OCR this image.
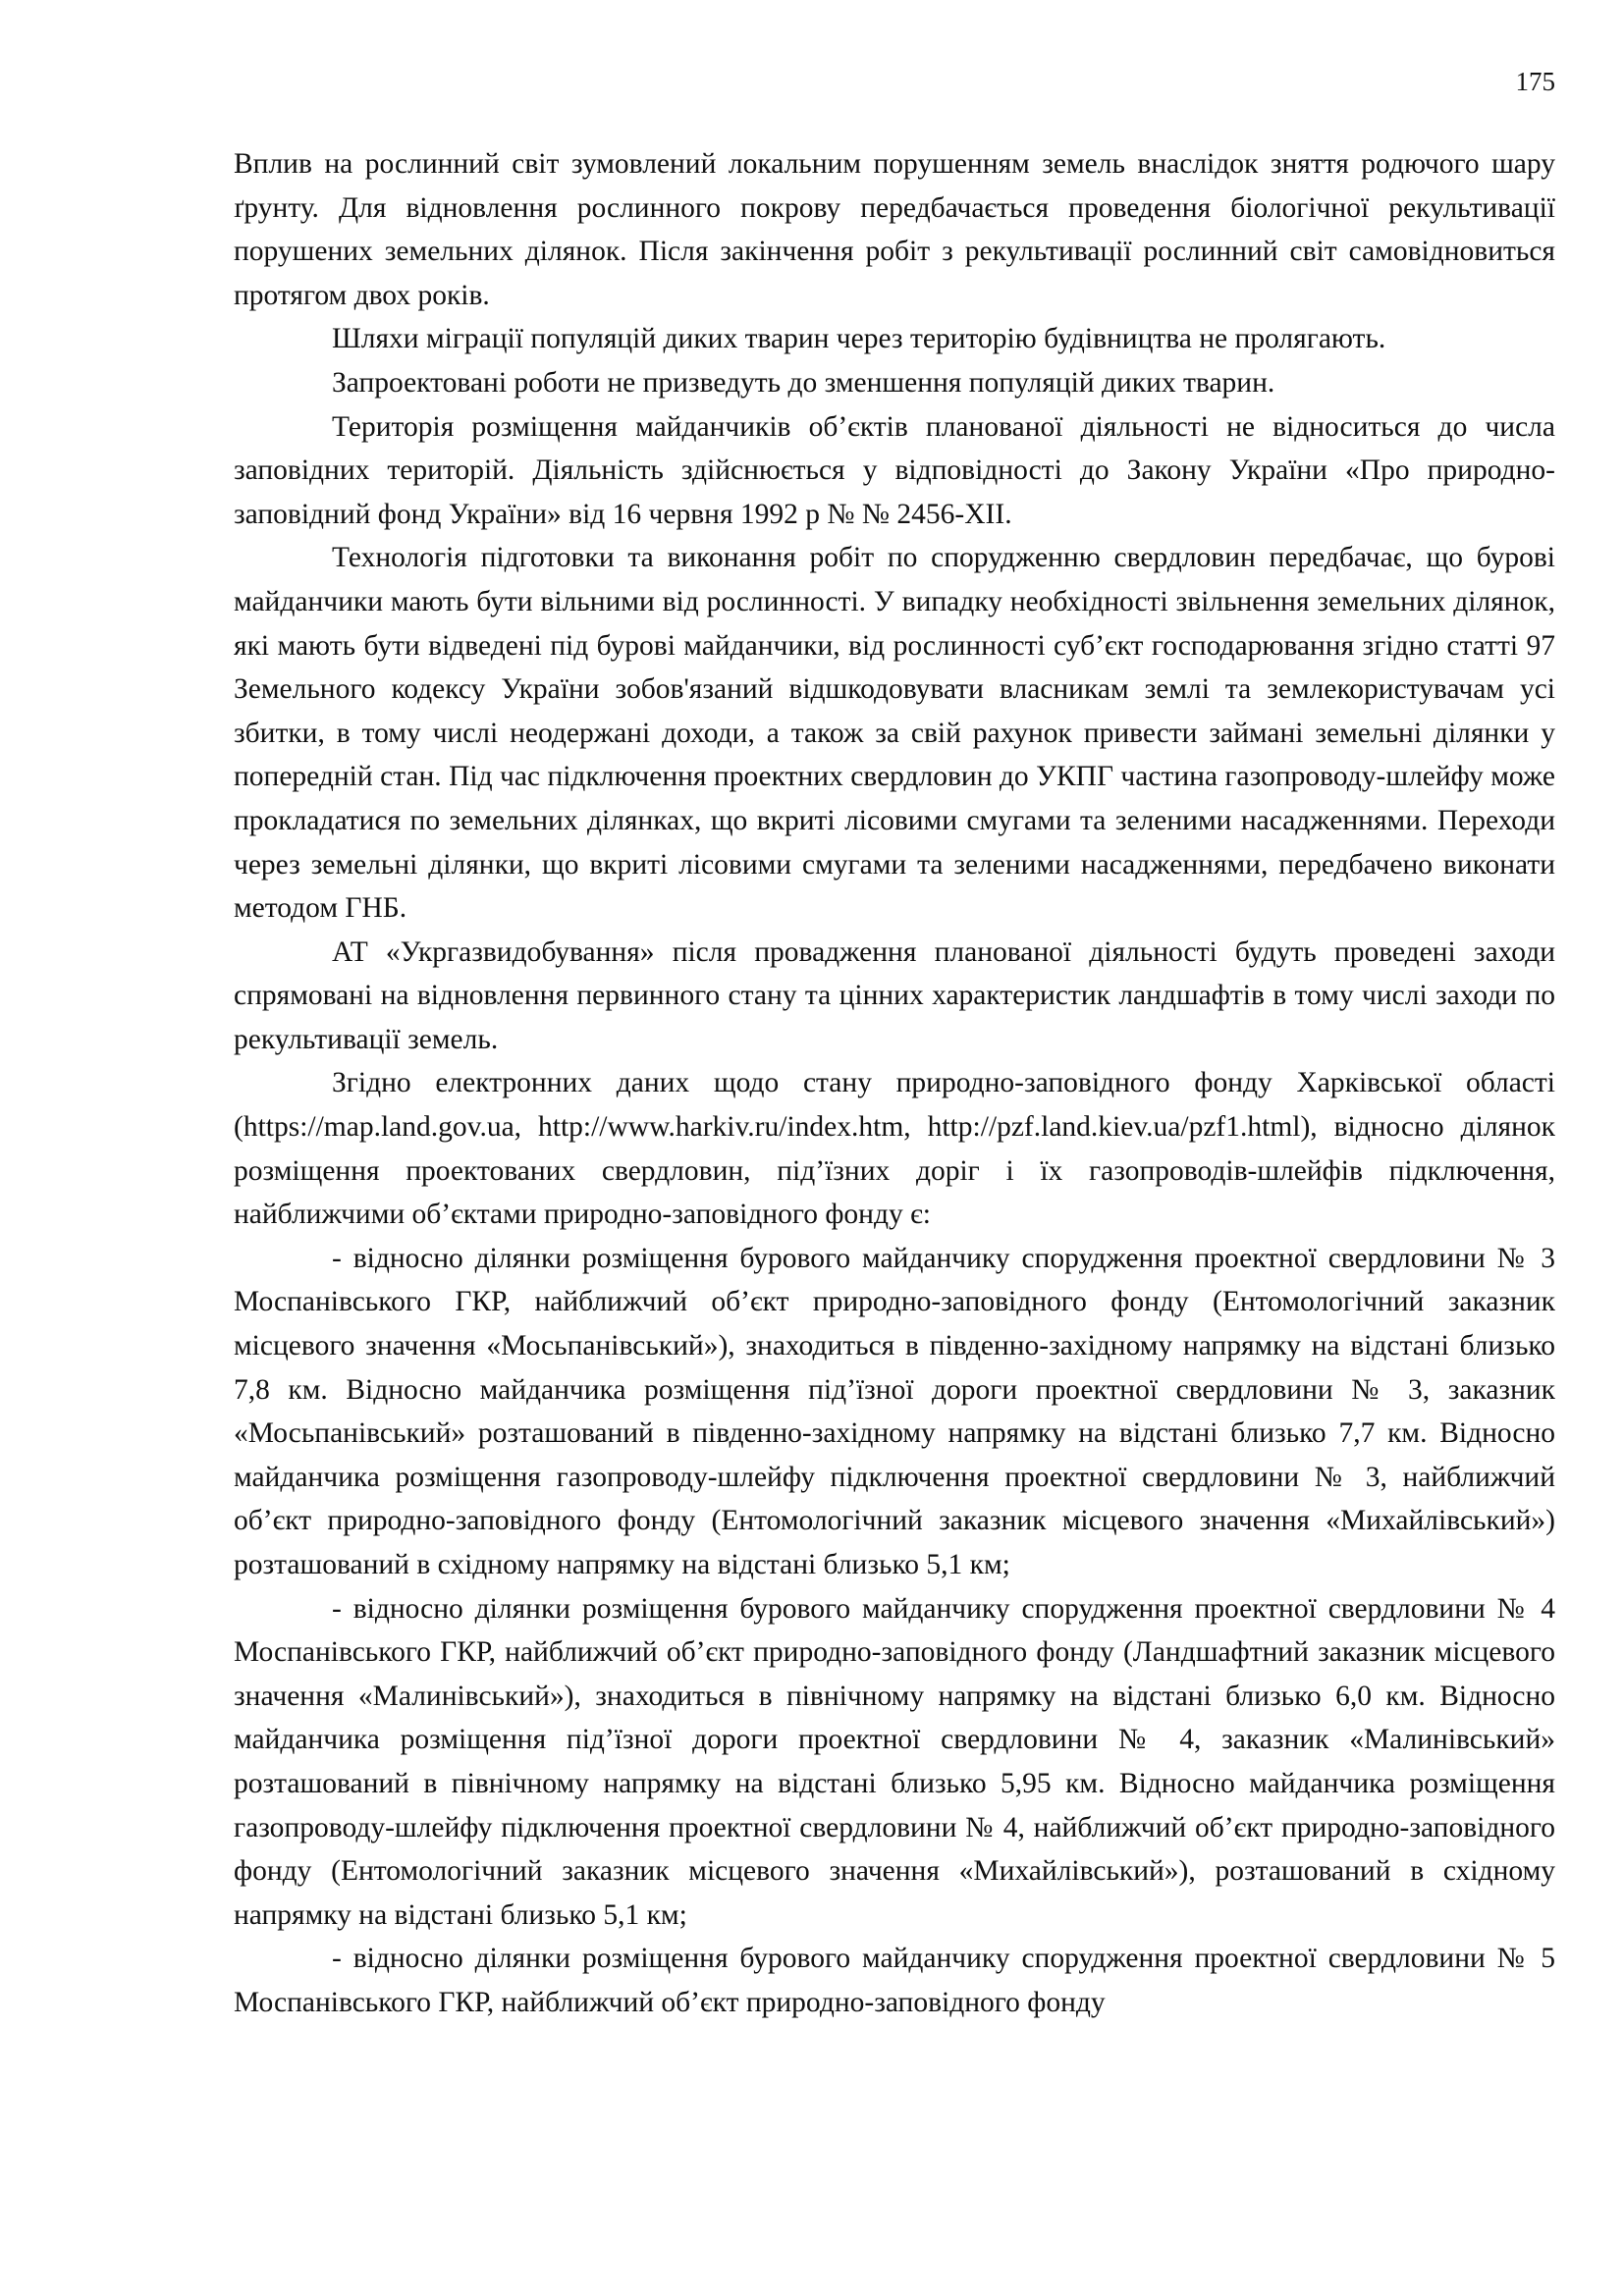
175

Вплив на рослинний світ зумовлений локальним порушенням земель внаслідок зняття родючого шару ґрунту. Для відновлення рослинного покрову передбачається проведення біологічної рекультивації порушених земельних ділянок. Після закінчення робіт з рекультивації рослинний світ самовідновиться протягом двох років.

Шляхи міграції популяцій диких тварин через територію будівництва не пролягають.

Запроектовані роботи не призведуть до зменшення популяцій диких тварин.

Територія розміщення майданчиків об’єктів планованої діяльності не відноситься до числа заповідних територій. Діяльність здійснюється у відповідності до Закону України «Про природно-заповідний фонд України» від 16 червня 1992 р № № 2456-XII.

Технологія підготовки та виконання робіт по спорудженню свердловин передбачає, що бурові майданчики мають бути вільними від рослинності. У випадку необхідності звільнення земельних ділянок, які мають бути відведені під бурові майданчики, від рослинності суб’єкт господарювання згідно статті 97 Земельного кодексу України зобов'язаний відшкодовувати власникам землі та землекористувачам усі збитки, в тому числі неодержані доходи, а також за свій рахунок привести займані земельні ділянки у попередній стан. Під час підключення проектних свердловин до УКПГ частина газопроводу-шлейфу може прокладатися по земельних ділянках, що вкриті лісовими смугами та зеленими насадженнями. Переходи через земельні ділянки, що вкриті лісовими смугами та зеленими насадженнями, передбачено виконати методом ГНБ.

АТ «Укргазвидобування» після провадження планованої діяльності будуть проведені заходи спрямовані на відновлення первинного стану та цінних характеристик ландшафтів в тому числі заходи по рекультивації земель.

Згідно електронних даних щодо стану природно-заповідного фонду Харківської області (https://map.land.gov.ua, http://www.harkiv.ru/index.htm, http://pzf.land.kiev.ua/pzf1.html), відносно ділянок розміщення проектованих свердловин, під’їзних доріг і їх газопроводів-шлейфів підключення, найближчими об’єктами природно-заповідного фонду є:

- відносно ділянки розміщення бурового майданчику спорудження проектної свердловини № 3 Моспанівського ГКР, найближчий об’єкт природно-заповідного фонду (Ентомологічний заказник місцевого значення «Мосьпанівський»), знаходиться в південно-західному напрямку на відстані близько 7,8 км. Відносно майданчика розміщення під’їзної дороги проектної свердловини № 3, заказник «Мосьпанівський» розташований в південно-західному напрямку на відстані близько 7,7 км. Відносно майданчика розміщення газопроводу-шлейфу підключення проектної свердловини № 3, найближчий об’єкт природно-заповідного фонду (Ентомологічний заказник місцевого значення «Михайлівський») розташований в східному напрямку на відстані близько 5,1 км;

- відносно ділянки розміщення бурового майданчику спорудження проектної свердловини № 4 Моспанівського ГКР, найближчий об’єкт природно-заповідного фонду (Ландшафтний заказник місцевого значення «Малинівський»), знаходиться в північному напрямку на відстані близько 6,0 км. Відносно майданчика розміщення під’їзної дороги проектної свердловини № 4, заказник «Малинівський» розташований в північному напрямку на відстані близько 5,95 км. Відносно майданчика розміщення газопроводу-шлейфу підключення проектної свердловини № 4, найближчий об’єкт природно-заповідного фонду (Ентомологічний заказник місцевого значення «Михайлівський»), розташований в східному напрямку на відстані близько 5,1 км;

- відносно ділянки розміщення бурового майданчику спорудження проектної свердловини № 5 Моспанівського ГКР, найближчий об’єкт природно-заповідного фонду
